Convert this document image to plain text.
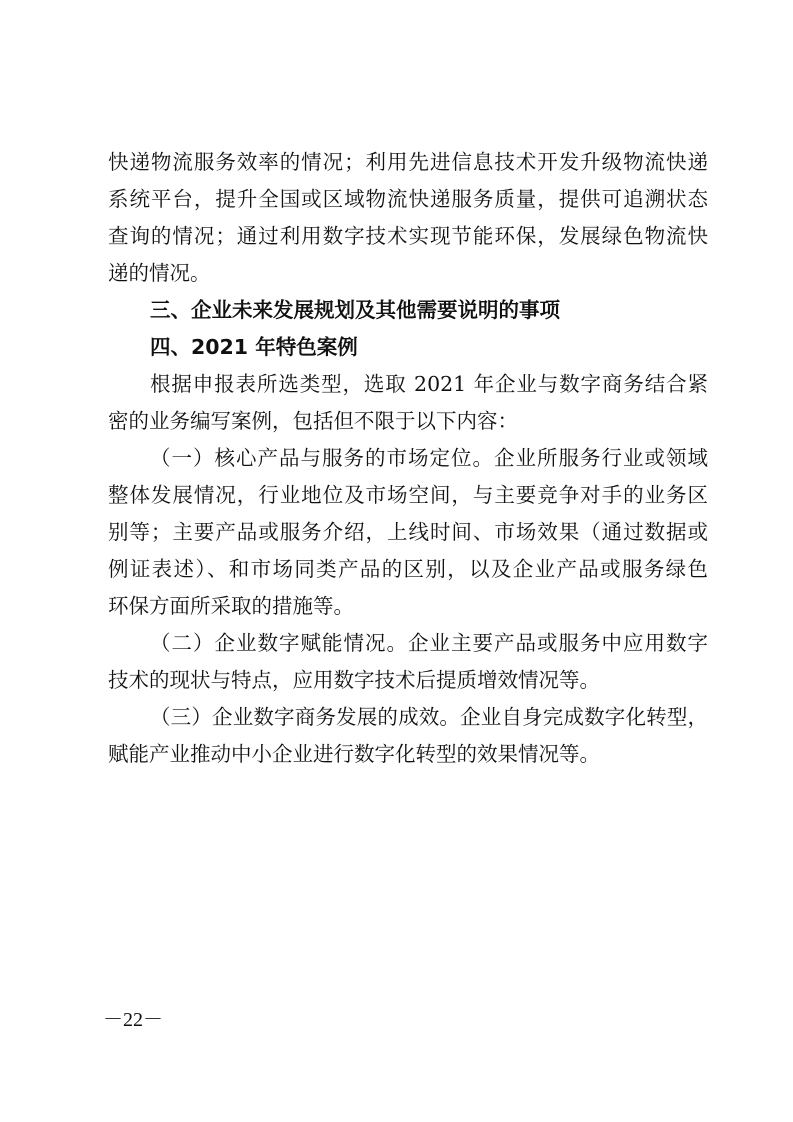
快递物流服务效率的情况；利用先进信息技术开发升级物流快递
系统平台，提升全国或区域物流快递服务质量，提供可追溯状态
查询的情况；通过利用数字技术实现节能环保，发展绿色物流快
递的情况。
三、企业未来发展规划及其他需要说明的事项
四、2021 年特色案例
根据申报表所选类型，选取 2021 年企业与数字商务结合紧
密的业务编写案例，包括但不限于以下内容：
（一）核心产品与服务的市场定位。企业所服务行业或领域
整体发展情况，行业地位及市场空间，与主要竞争对手的业务区
别等；主要产品或服务介绍，上线时间、市场效果（通过数据或
例证表述）、和市场同类产品的区别，以及企业产品或服务绿色
环保方面所采取的措施等。
（二）企业数字赋能情况。企业主要产品或服务中应用数字
技术的现状与特点，应用数字技术后提质增效情况等。
（三）企业数字商务发展的成效。企业自身完成数字化转型，
赋能产业推动中小企业进行数字化转型的效果情况等。
－22－
